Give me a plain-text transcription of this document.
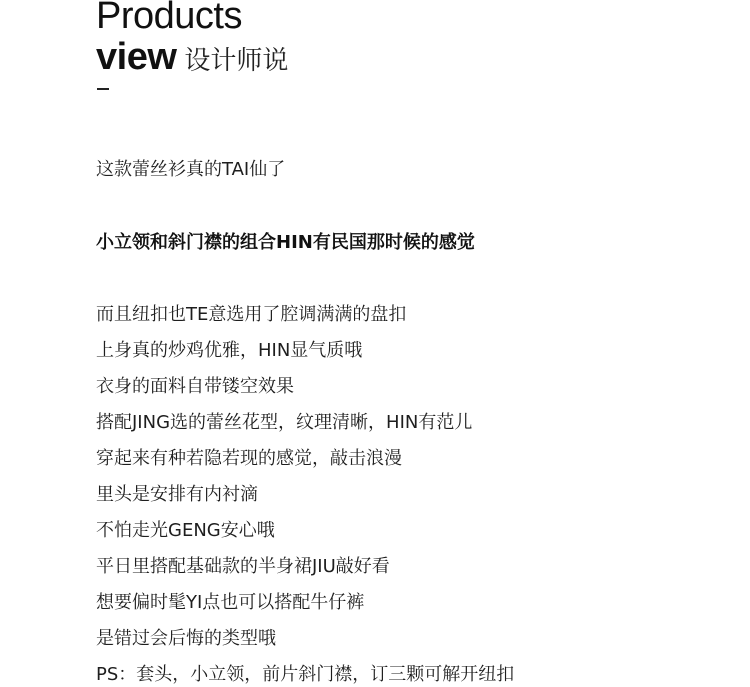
Products
view 设计师说
这款蕾丝衫真的TAI仙了
小立领和斜门襟的组合HIN有民国那时候的感觉
而且纽扣也TE意选用了腔调满满的盘扣
上身真的炒鸡优雅，HIN显气质哦
衣身的面料自带镂空效果
搭配JING选的蕾丝花型，纹理清晰，HIN有范儿
穿起来有种若隐若现的感觉，敲击浪漫
里头是安排有内衬滴
不怕走光GENG安心哦
平日里搭配基础款的半身裙JIU敲好看
想要偏时髦YI点也可以搭配牛仔裤
是错过会后悔的类型哦
PS：套头，小立领，前片斜门襟，订三颗可解开纽扣
